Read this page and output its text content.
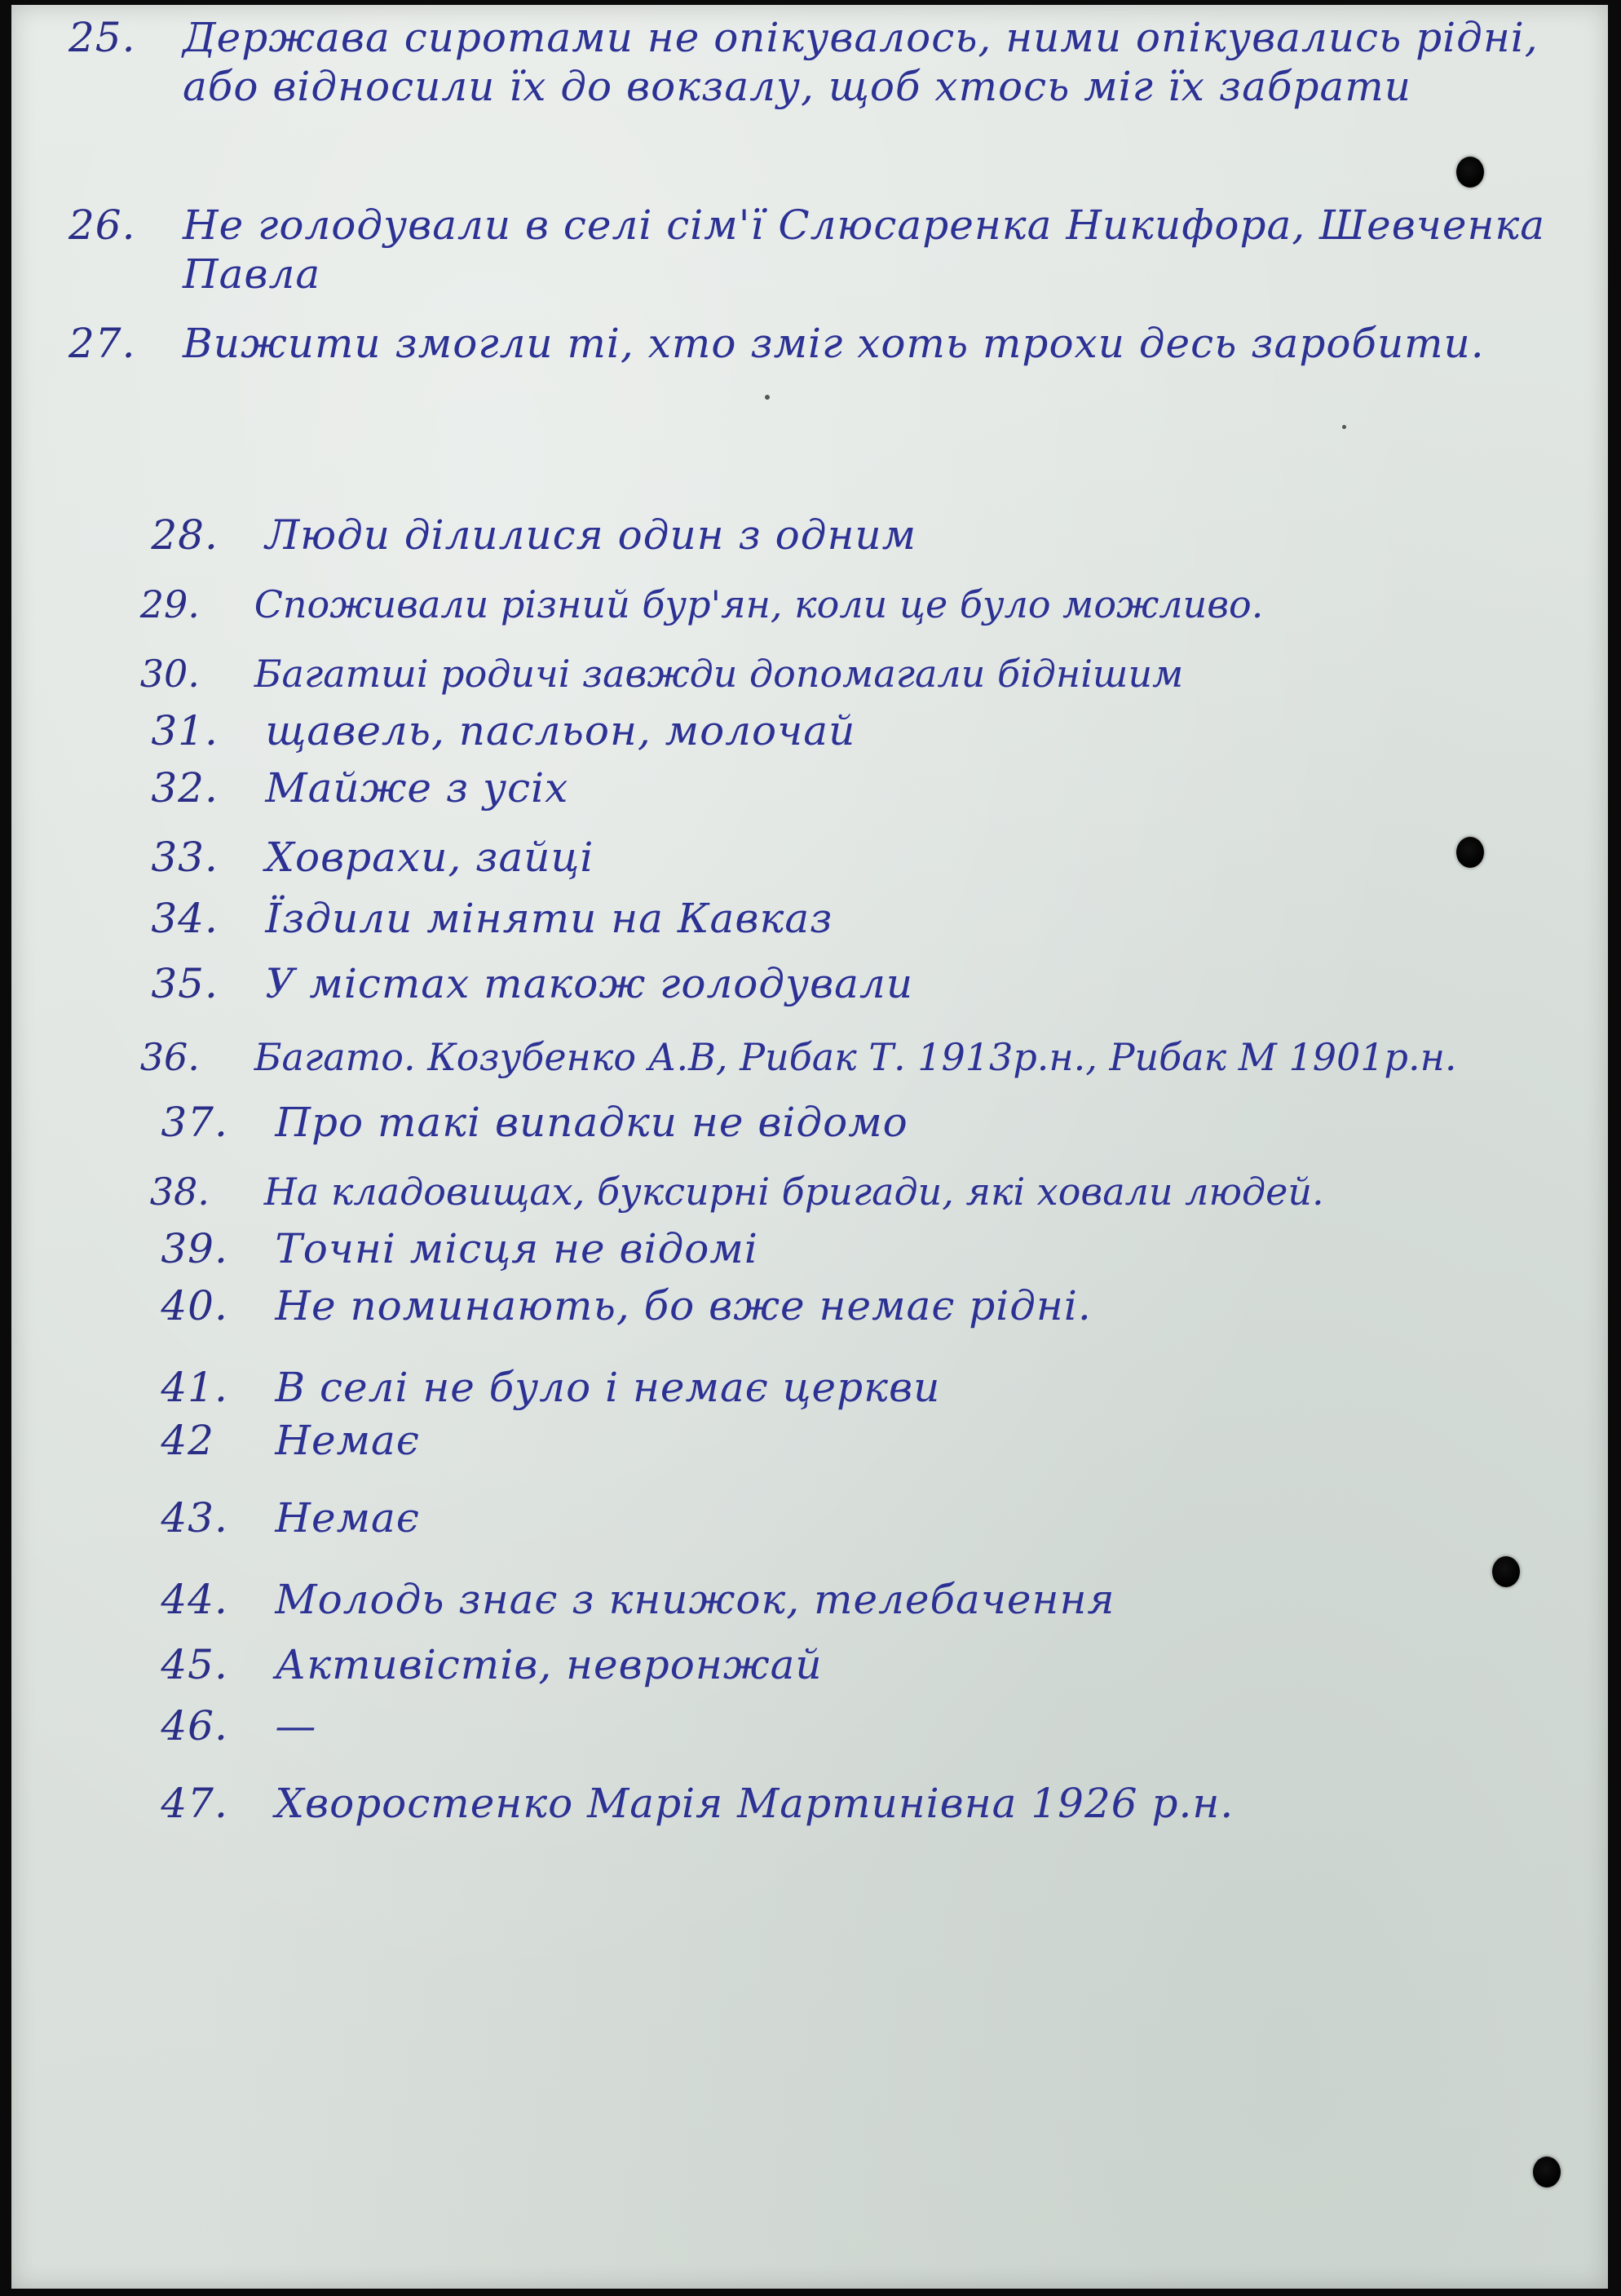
25.	Держава сиротами не опікувалось, ними опікувались рідні, або відносили їх до вокзалу, щоб хтось міг їх забрати
26.	Не голодували в селі сім'ї Слюсаренка Никифора, Шевченка Павла
27.	Вижити змогли ті, хто зміг хоть трохи десь заробити.

28. Люди ділилися один з одним

29. Споживали різний бур'ян, коли це було можливо.

30. Багатші родичі завжди допомагали біднішим

31. щавель, пасльон, молочай

32. Майже з усіх

33. Ховрахи, зайці

34. Їздили міняти на Кавказ

35. У містах також голодували

36. Багато. Козубенко А.В, Рибак Т. 1913р.н., Рибак М 1901р.н.

37. Про такі випадки не відомо

38. На кладовищах, буксирні бригади, які ховали людей.

39. Точні місця не відомі

40. Не поминають, бо вже немає рідні.

41. В селі не було і немає церкви

42 Немає

43. Немає

44. Молодь знає з книжок, телебачення

45. Активістів, невронжай

46. —

47. Хворостенко Марія Мартинівна 1926 р.н.
